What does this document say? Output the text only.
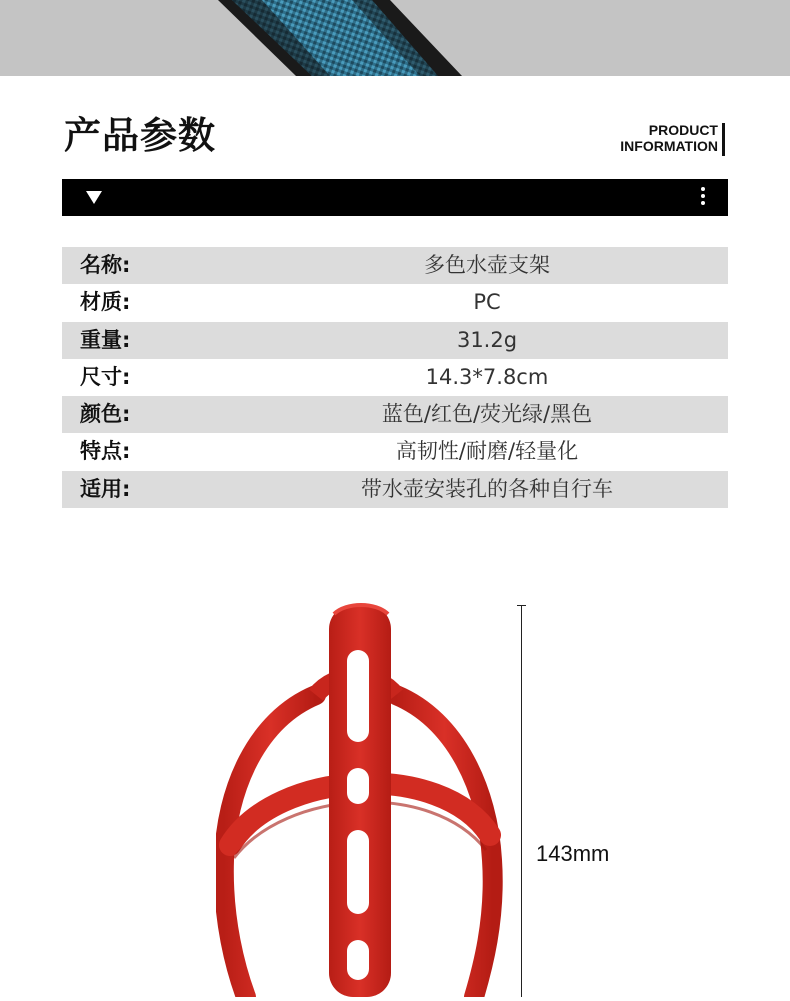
产品参数	PRODUCT
INFORMATION
名称:	多色水壶支架
材质:	PC
重量:	31.2g
尺寸:	14.3*7.8cm
颜色:	蓝色/红色/荧光绿/黑色
特点:	高韧性/耐磨/轻量化
适用:	带水壶安装孔的各种自行车
143mm
